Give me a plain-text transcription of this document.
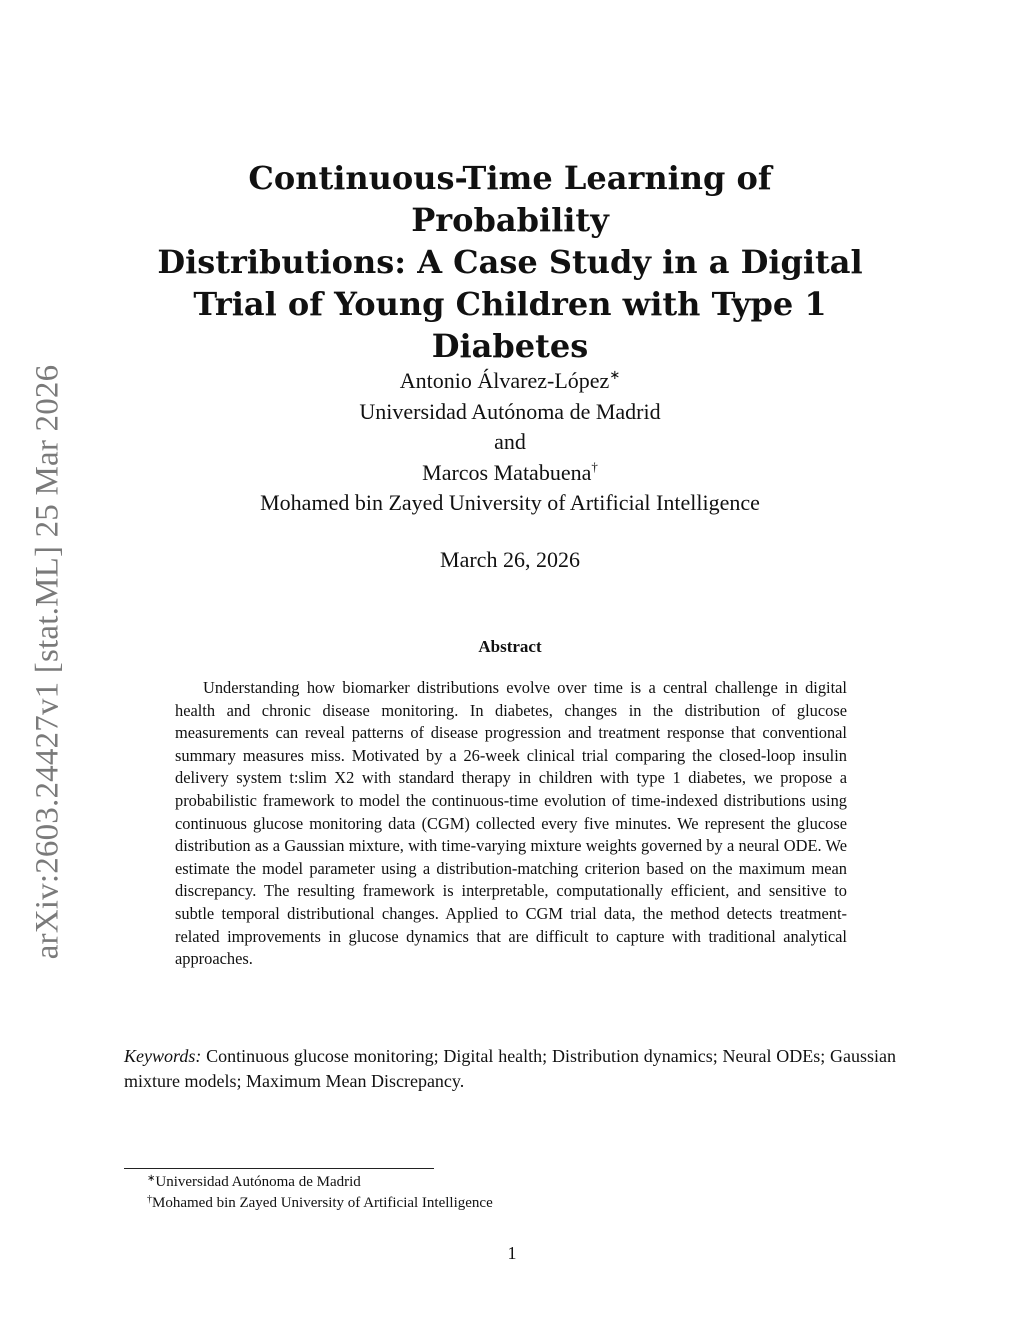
arXiv:2603.24427v1 [stat.ML] 25 Mar 2026
Continuous-Time Learning of Probability
Distributions: A Case Study in a Digital
Trial of Young Children with Type 1
Diabetes
Antonio Álvarez-López∗
Universidad Autónoma de Madrid
and
Marcos Matabuena†
Mohamed bin Zayed University of Artificial Intelligence
March 26, 2026
Abstract

Understanding how biomarker distributions evolve over time is a central challenge in digital health and chronic disease monitoring. In diabetes, changes in the distribution of glucose measurements can reveal patterns of disease progression and treatment response that conventional summary measures miss. Motivated by a 26-week clinical trial comparing the closed-loop insulin delivery system t:slim X2 with standard therapy in children with type 1 diabetes, we propose a probabilistic framework to model the continuous-time evolution of time-indexed distributions using continuous glucose monitoring data (CGM) collected every five minutes. We represent the glucose distribution as a Gaussian mixture, with time-varying mixture weights governed by a neural ODE. We estimate the model parameter using a distribution-matching criterion based on the maximum mean discrepancy. The resulting framework is interpretable, computationally efficient, and sensitive to subtle temporal distributional changes. Applied to CGM trial data, the method detects treatment-related improvements in glucose dynamics that are difficult to capture with traditional analytical approaches.

Keywords: Continuous glucose monitoring; Digital health; Distribution dynamics; Neural ODEs; Gaussian mixture models; Maximum Mean Discrepancy.

∗Universidad Autónoma de Madrid
†Mohamed bin Zayed University of Artificial Intelligence
1
